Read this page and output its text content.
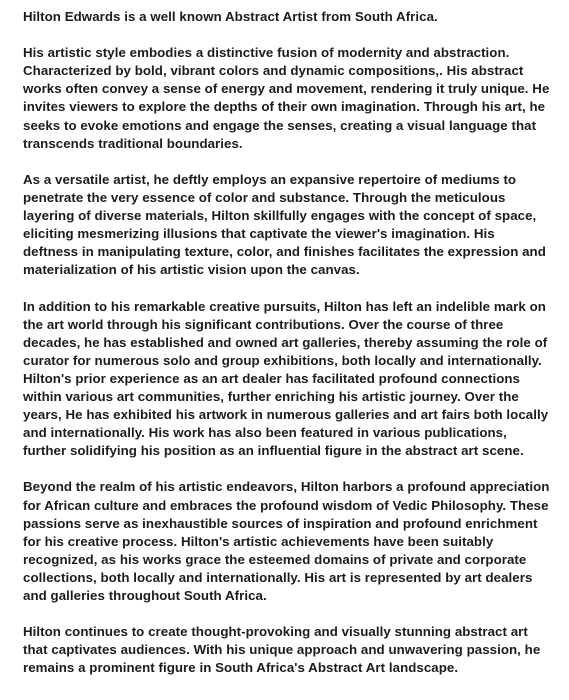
Hilton Edwards is a well known Abstract Artist from South Africa.

His artistic style embodies a distinctive fusion of modernity and abstraction. Characterized by bold, vibrant colors and dynamic compositions,. His abstract works often convey a sense of energy and movement, rendering it truly unique. He invites viewers to explore the depths of their own imagination. Through his art, he seeks to evoke emotions and engage the senses, creating a visual language that transcends traditional boundaries.

As a versatile artist, he deftly employs an expansive repertoire of mediums to penetrate the very essence of color and substance. Through the meticulous layering of diverse materials, Hilton skillfully engages with the concept of space, eliciting mesmerizing illusions that captivate the viewer's imagination. His deftness in manipulating texture, color, and finishes facilitates the expression and materialization of his artistic vision upon the canvas.

In addition to his remarkable creative pursuits, Hilton has left an indelible mark on the art world through his significant contributions. Over the course of three decades, he has established and owned art galleries, thereby assuming the role of curator for numerous solo and group exhibitions, both locally and internationally. Hilton's prior experience as an art dealer has facilitated profound connections within various art communities, further enriching his artistic journey. Over the years, He has exhibited his artwork in numerous galleries and art fairs both locally and internationally. His work has also been featured in various publications, further solidifying his position as an influential figure in the abstract art scene.

Beyond the realm of his artistic endeavors, Hilton harbors a profound appreciation for African culture and embraces the profound wisdom of Vedic Philosophy. These passions serve as inexhaustible sources of inspiration and profound enrichment for his creative process. Hilton's artistic achievements have been suitably recognized, as his works grace the esteemed domains of private and corporate collections, both locally and internationally. His art is represented by art dealers and galleries throughout South Africa.

Hilton continues to create thought-provoking and visually stunning abstract art that captivates audiences. With his unique approach and unwavering passion, he remains a prominent figure in South Africa's Abstract Art landscape.
